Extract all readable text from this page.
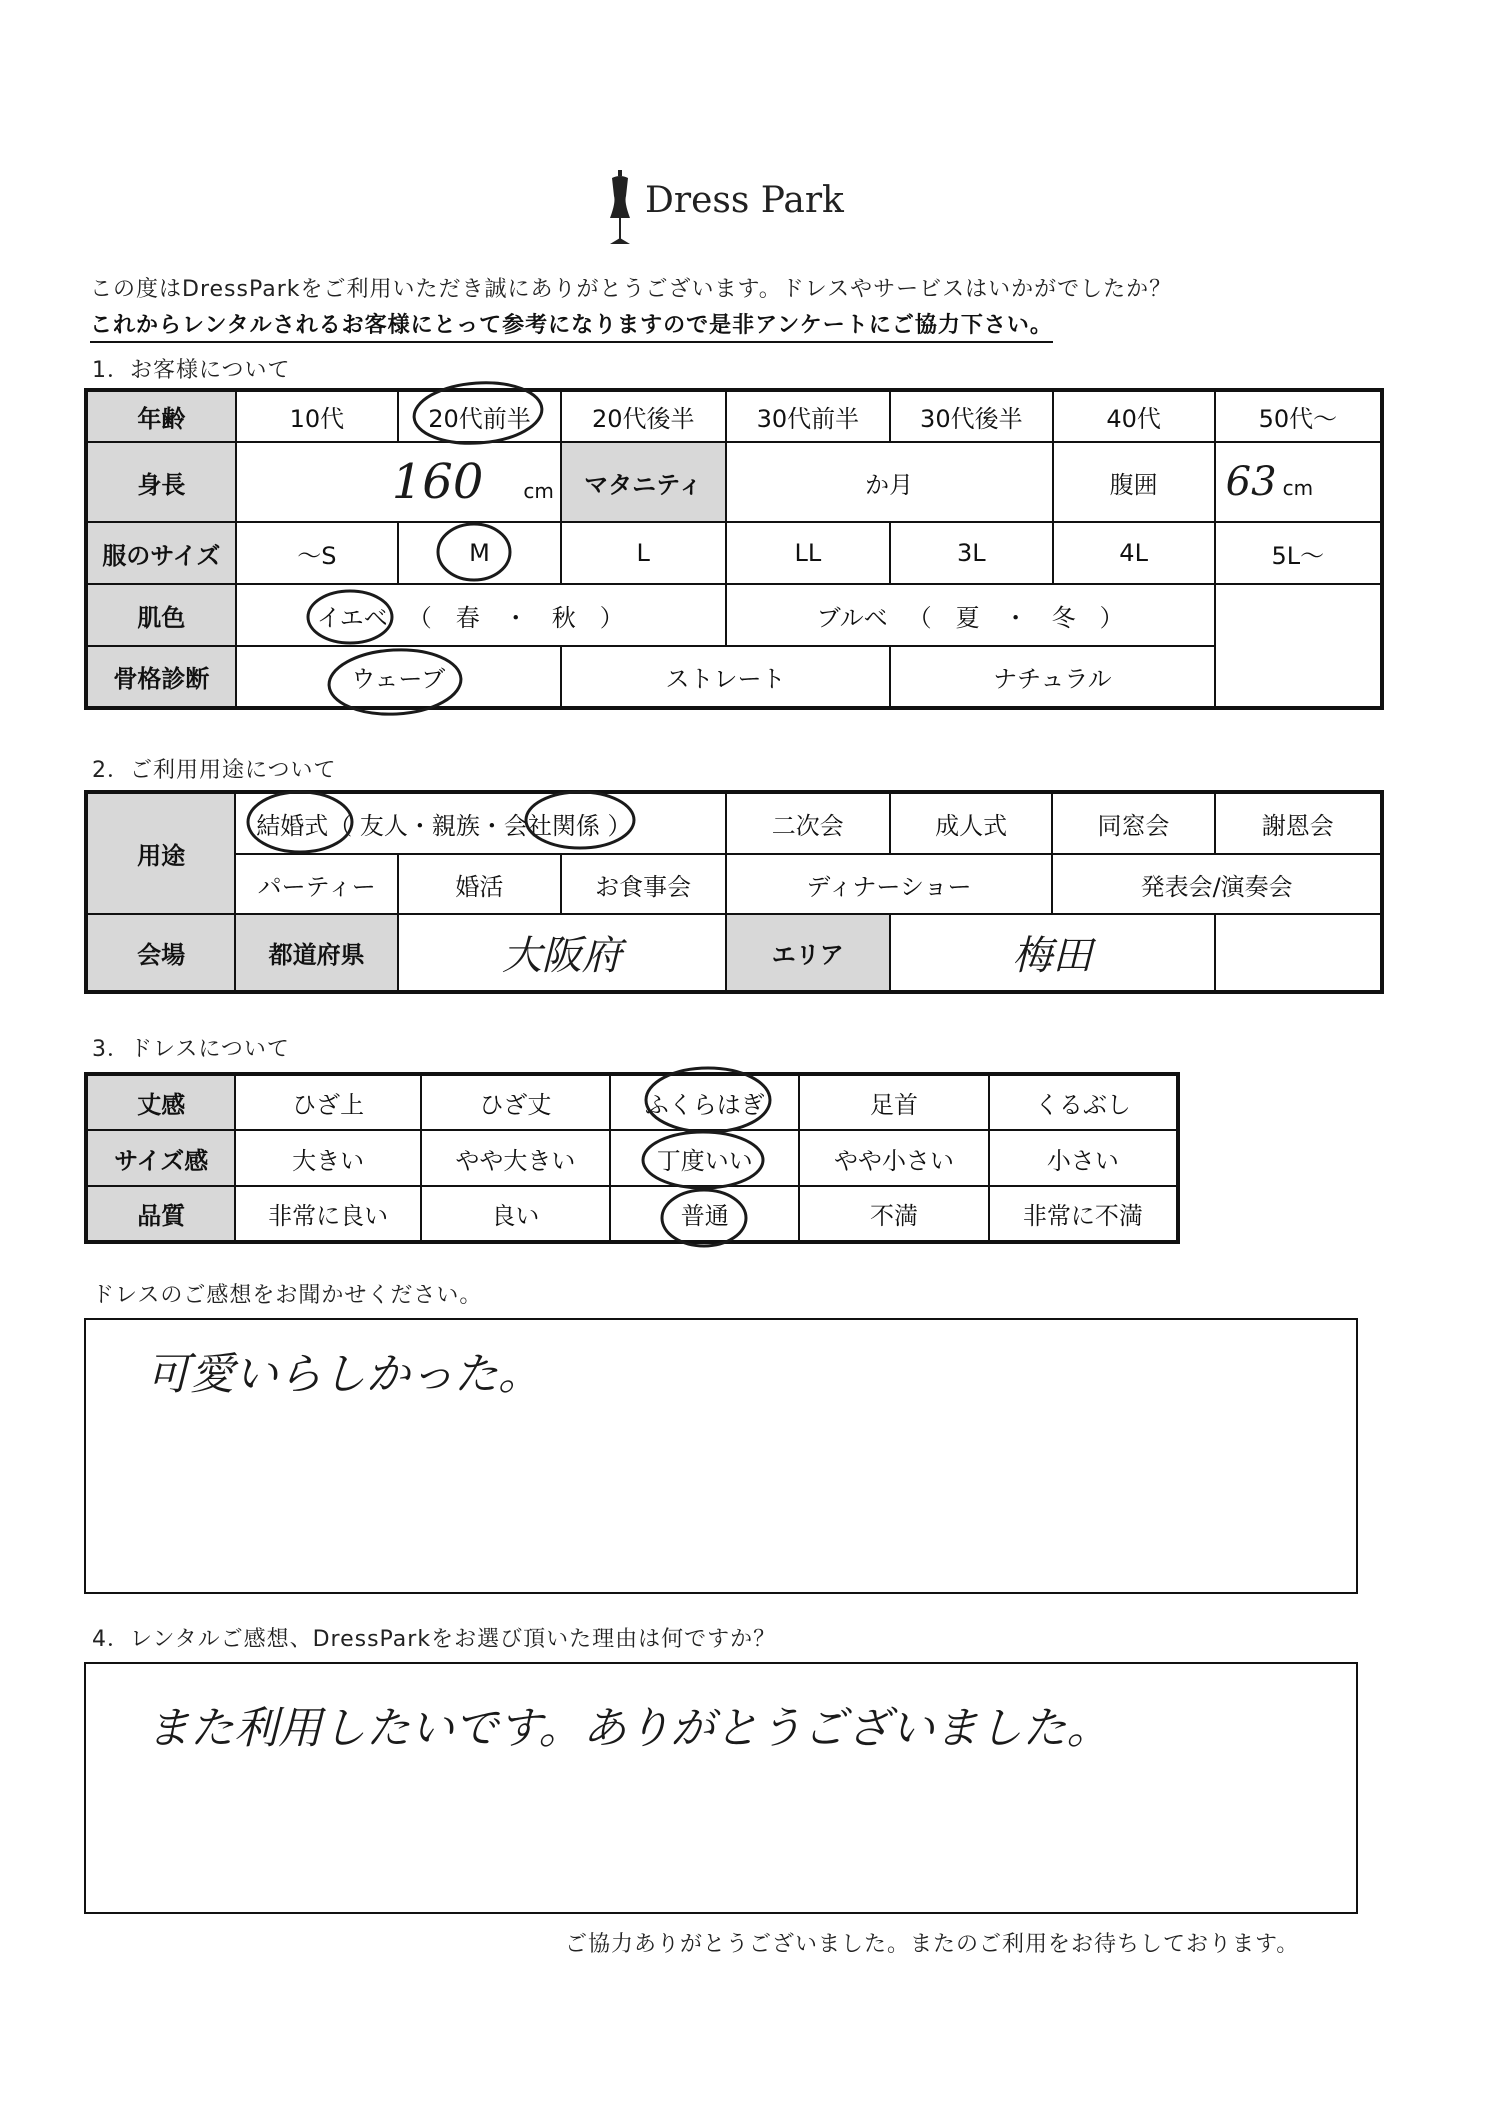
Dress Park
この度はDressParkをご利用いただき誠にありがとうございます。ドレスやサービスはいかがでしたか？
これからレンタルされるお客様にとって参考になりますので是非アンケートにご協力下さい。
1．お客様について
年齢	10代	20代前半	20代後半	30代前半	30代後半	40代	50代～
身長	160 cm		マタニティ	か月		腹囲	63 cm
服のサイズ	～S	M	L	LL	3L	4L	5L～
肌色	イエベ （　春　・　秋　）			ブルベ （　夏　・　冬　）			
骨格診断	ウェーブ		ストレート		ナチュラル		
2．ご利用用途について
用途	結婚式（ 友人・親族・会社関係 ）			二次会	成人式	同窓会	謝恩会
	パーティー	婚活	お食事会	ディナーショー		発表会/演奏会	
会場	都道府県	大阪府		エリア	梅田		
3．ドレスについて
丈感	ひざ上	ひざ丈	ふくらはぎ	足首	くるぶし
サイズ感	大きい	やや大きい	丁度いい	やや小さい	小さい
品質	非常に良い	良い	普通	不満	非常に不満
ドレスのご感想をお聞かせください。
可愛いらしかった。
4．レンタルご感想、DressParkをお選び頂いた理由は何ですか？
また利用したいです。ありがとうございました。
ご協力ありがとうございました。またのご利用をお待ちしております。
